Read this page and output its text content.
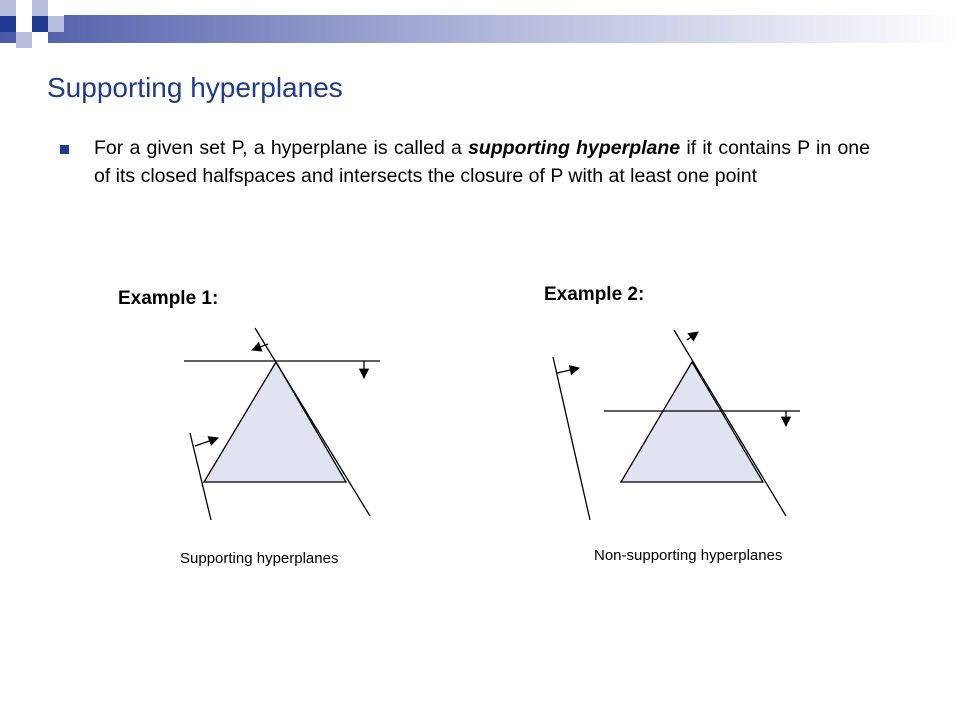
Supporting hyperplanes
For a given set P, a hyperplane is called a supporting hyperplane if it contains P in one of its closed halfspaces and intersects the closure of P with at least one point
Example 1:	Example 2:
Supporting hyperplanes	Non-supporting hyperplanes
